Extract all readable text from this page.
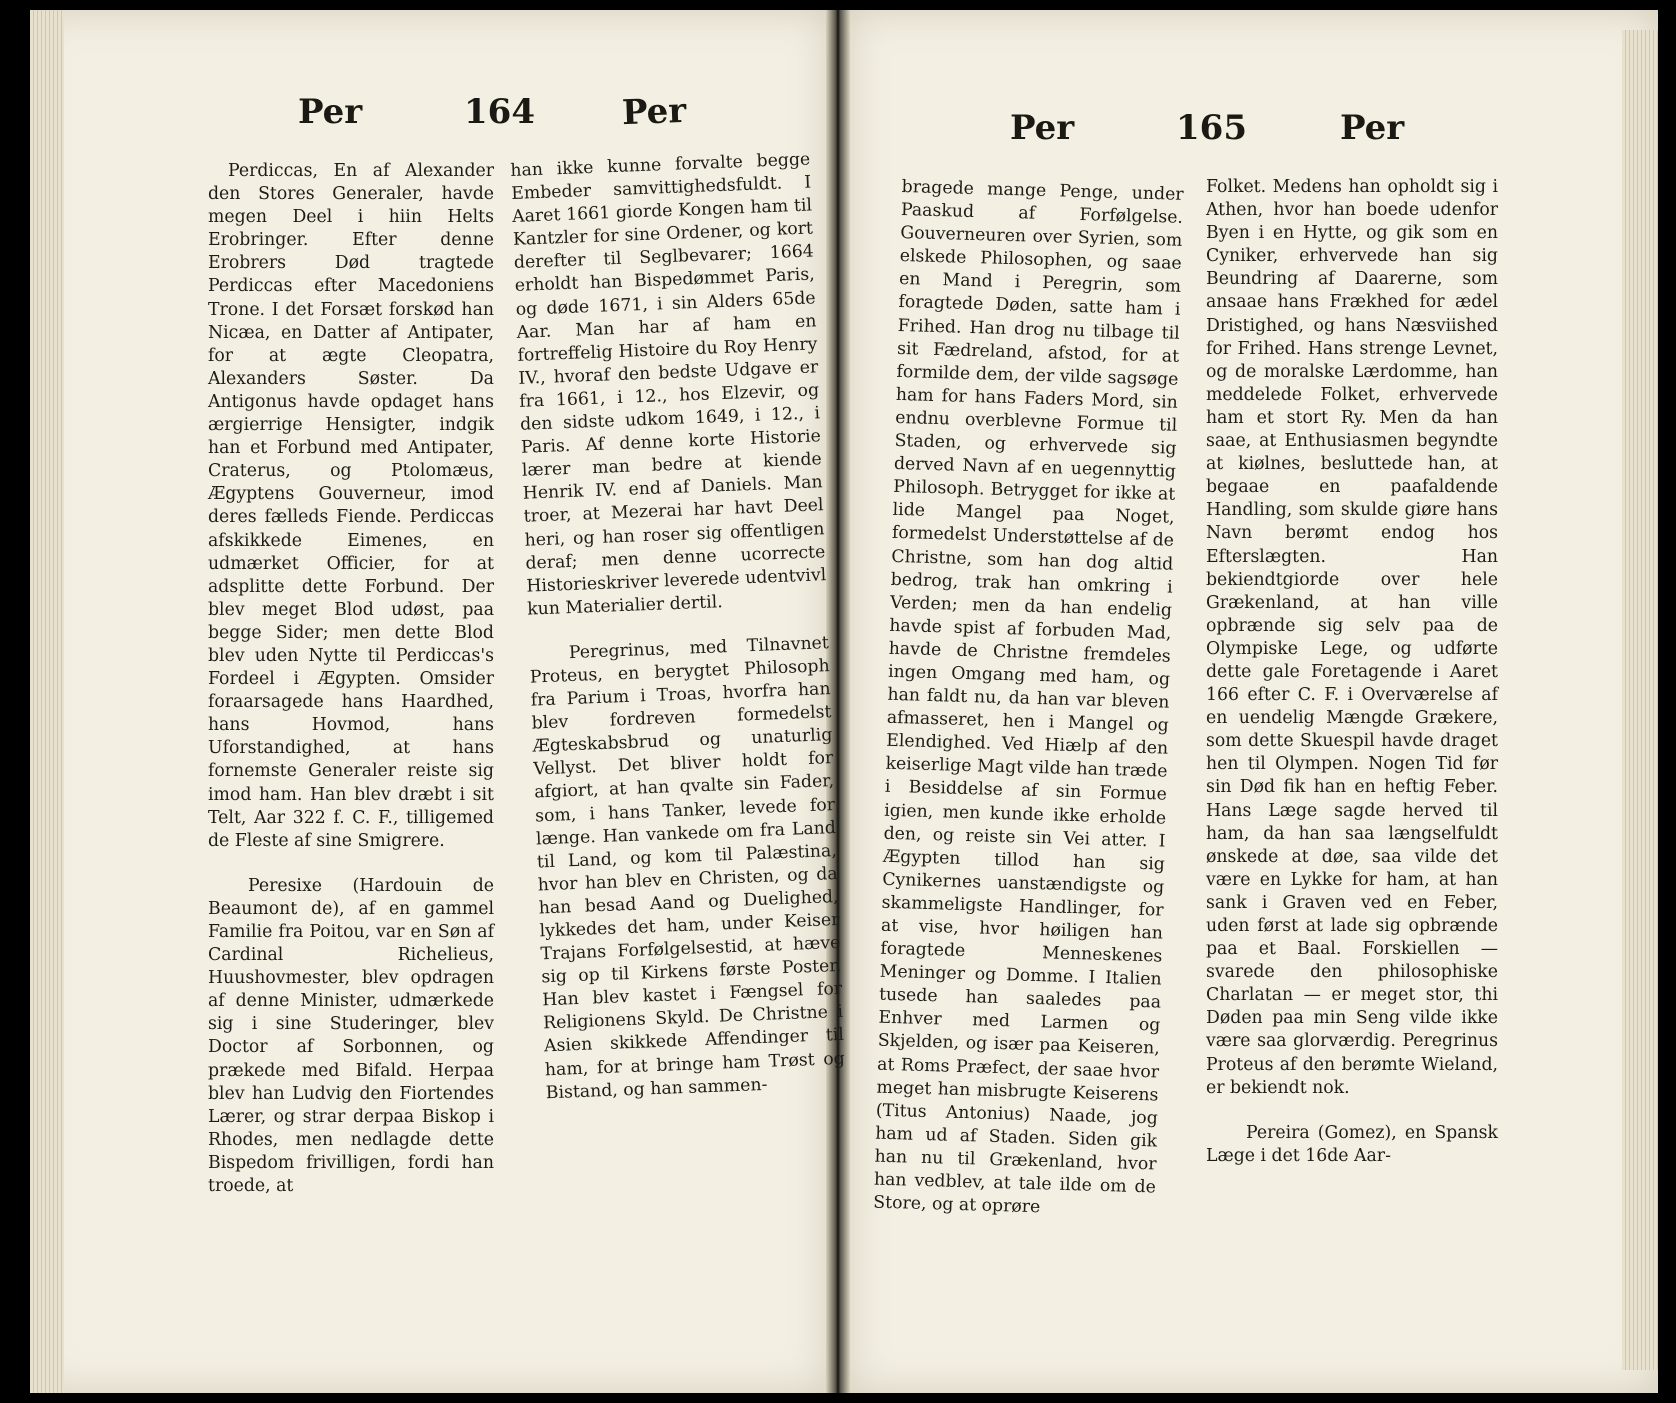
Per	164	Per

Perdiccas, En af Alexander den Stores Generaler, havde megen Deel i hiin Helts Erobringer. Efter denne Erobrers Død tragtede Perdiccas efter Macedoniens Trone. I det Forsæt forskød han Nicæa, en Datter af Antipater, for at ægte Cleopatra, Alexanders Søster. Da Antigonus havde opdaget hans ærgierrige Hensigter, indgik han et Forbund med Antipater, Craterus, og Ptolomæus, Ægyptens Gouverneur, imod deres fælleds Fiende. Perdiccas afskikkede Eimenes, en udmærket Officier, for at adsplitte dette Forbund. Der blev meget Blod udøst, paa begge Sider; men dette Blod blev uden Nytte til Perdiccas's Fordeel i Ægypten. Omsider foraarsagede hans Haardhed, hans Hovmod, hans Uforstandighed, at hans fornemste Generaler reiste sig imod ham. Han blev dræbt i sit Telt, Aar 322 f. C. F., tilligemed de Fleste af sine Smigrere.

Peresixe (Hardouin de Beaumont de), af en gammel Familie fra Poitou, var en Søn af Cardinal Richelieus, Huushovmester, blev opdragen af denne Minister, udmærkede sig i sine Studeringer, blev Doctor af Sorbonnen, og prækede med Bifald. Herpaa blev han Ludvig den Fiortendes Lærer, og strar derpaa Biskop i Rhodes, men nedlagde dette Bispedom frivilligen, fordi han troede, at

han ikke kunne forvalte begge Embeder samvittighedsfuldt. I Aaret 1661 giorde Kongen ham til Kantzler for sine Ordener, og kort derefter til Seglbevarer; 1664 erholdt han Bispedømmet Paris, og døde 1671, i sin Alders 65de Aar. Man har af ham en fortreffelig Histoire du Roy Henry IV., hvoraf den bedste Udgave er fra 1661, i 12., hos Elzevir, og den sidste udkom 1649, i 12., i Paris. Af denne korte Historie lærer man bedre at kiende Henrik IV. end af Daniels. Man troer, at Mezerai har havt Deel heri, og han roser sig offentligen deraf; men denne ucorrecte Historieskriver leverede udentvivl kun Materialier dertil.

Peregrinus, med Tilnavnet Proteus, en berygtet Philosoph fra Parium i Troas, hvorfra han blev fordreven formedelst Ægteskabsbrud og unaturlig Vellyst. Det bliver holdt for afgiort, at han qvalte sin Fader, som, i hans Tanker, levede for længe. Han vankede om fra Land til Land, og kom til Palæstina, hvor han blev en Christen, og da han besad Aand og Duelighed, lykkedes det ham, under Keiser Trajans Forfølgelsestid, at hæve sig op til Kirkens første Poster. Han blev kastet i Fængsel for Religionens Skyld. De Christne i Asien skikkede Affendinger til ham, for at bringe ham Trøst og Bistand, og han sammen-

Per	165	Per

bragede mange Penge, under Paaskud af Forfølgelse. Gouverneuren over Syrien, som elskede Philosophen, og saae en Mand i Peregrin, som foragtede Døden, satte ham i Frihed. Han drog nu tilbage til sit Fædreland, afstod, for at formilde dem, der vilde sagsøge ham for hans Faders Mord, sin endnu overblevne Formue til Staden, og erhvervede sig derved Navn af en uegennyttig Philosoph. Betrygget for ikke at lide Mangel paa Noget, formedelst Understøttelse af de Christne, som han dog altid bedrog, trak han omkring i Verden; men da han endelig havde spist af forbuden Mad, havde de Christne fremdeles ingen Omgang med ham, og han faldt nu, da han var bleven afmasseret, hen i Mangel og Elendighed. Ved Hiælp af den keiserlige Magt vilde han træde i Besiddelse af sin Formue igien, men kunde ikke erholde den, og reiste sin Vei atter. I Ægypten tillod han sig Cynikernes uanstændigste og skammeligste Handlinger, for at vise, hvor høiligen han foragtede Menneskenes Meninger og Domme. I Italien tusede han saaledes paa Enhver med Larmen og Skjelden, og især paa Keiseren, at Roms Præfect, der saae hvor meget han misbrugte Keiserens (Titus Antonius) Naade, jog ham ud af Staden. Siden gik han nu til Grækenland, hvor han vedblev, at tale ilde om de Store, og at oprøre

Folket. Medens han opholdt sig i Athen, hvor han boede udenfor Byen i en Hytte, og gik som en Cyniker, erhvervede han sig Beundring af Daarerne, som ansaae hans Frækhed for ædel Dristighed, og hans Næsviished for Frihed. Hans strenge Levnet, og de moralske Lærdomme, han meddelede Folket, erhvervede ham et stort Ry. Men da han saae, at Enthusiasmen begyndte at kiølnes, besluttede han, at begaae en paafaldende Handling, som skulde giøre hans Navn berømt endog hos Efterslægten. Han bekiendtgiorde over hele Grækenland, at han ville opbrænde sig selv paa de Olympiske Lege, og udførte dette gale Foretagende i Aaret 166 efter C. F. i Overværelse af en uendelig Mængde Grækere, som dette Skuespil havde draget hen til Olympen. Nogen Tid før sin Død fik han en heftig Feber. Hans Læge sagde herved til ham, da han saa længselfuldt ønskede at døe, saa vilde det være en Lykke for ham, at han sank i Graven ved en Feber, uden først at lade sig opbrænde paa et Baal. Forskiellen — svarede den philosophiske Charlatan — er meget stor, thi Døden paa min Seng vilde ikke være saa glorværdig. Peregrinus Proteus af den berømte Wieland, er bekiendt nok.

Pereira (Gomez), en Spansk Læge i det 16de Aar-
